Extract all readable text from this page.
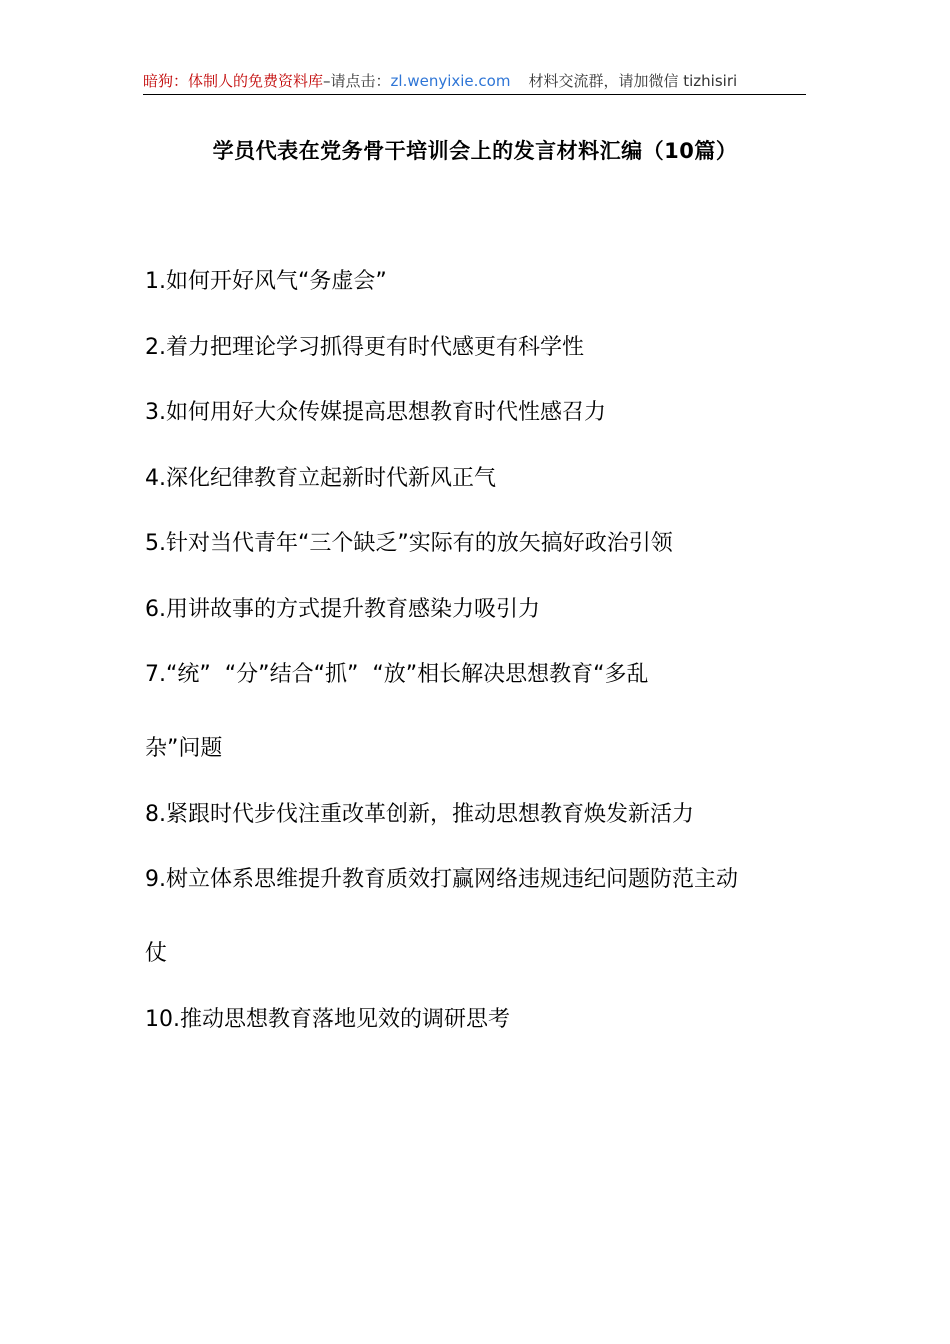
暗狗：体制人的免费资料库–请点击：zl.wenyixie.com 材料交流群，请加微信 tizhisiri
学员代表在党务骨干培训会上的发言材料汇编（10篇）
1.如何开好风气“务虚会”
2.着力把理论学习抓得更有时代感更有科学性
3.如何用好大众传媒提高思想教育时代性感召力
4.深化纪律教育立起新时代新风正气
5.针对当代青年“三个缺乏”实际有的放矢搞好政治引领
6.用讲故事的方式提升教育感染力吸引力
7.“统”  “分”结合“抓”  “放”相长解决思想教育“多乱
杂”问题
8.紧跟时代步伐注重改革创新，推动思想教育焕发新活力
9.树立体系思维提升教育质效打赢网络违规违纪问题防范主动
仗
10.推动思想教育落地见效的调研思考
